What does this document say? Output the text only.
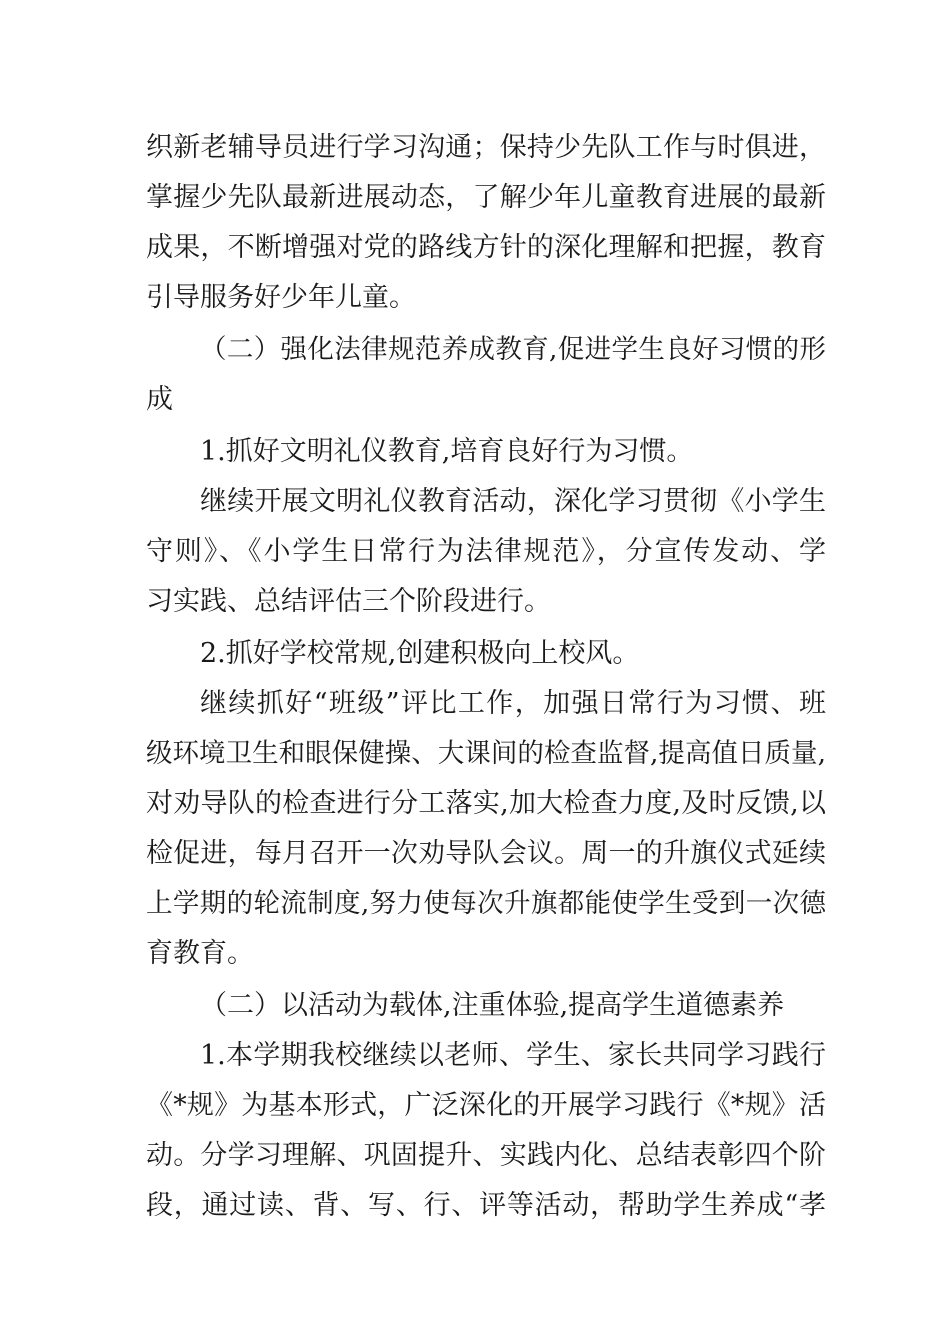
织新老辅导员进行学习沟通；保持少先队工作与时俱进，
掌握少先队最新进展动态，了解少年儿童教育进展的最新
成果，不断增强对党的路线方针的深化理解和把握，教育
引导服务好少年儿童。
（二）强化法律规范养成教育,促进学生良好习惯的形
成
1.抓好文明礼仪教育,培育良好行为习惯。
继续开展文明礼仪教育活动，深化学习贯彻《小学生
守则》、《小学生日常行为法律规范》，分宣传发动、学
习实践、总结评估三个阶段进行。
2.抓好学校常规,创建积极向上校风。
继续抓好“班级”评比工作，加强日常行为习惯、班
级环境卫生和眼保健操、大课间的检查监督,提高值日质量,
对劝导队的检查进行分工落实,加大检查力度,及时反馈,以
检促进，每月召开一次劝导队会议。周一的升旗仪式延续
上学期的轮流制度,努力使每次升旗都能使学生受到一次德
育教育。
（二）以活动为载体,注重体验,提高学生道德素养
1.本学期我校继续以老师、学生、家长共同学习践行
《*规》为基本形式，广泛深化的开展学习践行《*规》活
动。分学习理解、巩固提升、实践内化、总结表彰四个阶
段，通过读、背、写、行、评等活动，帮助学生养成“孝
